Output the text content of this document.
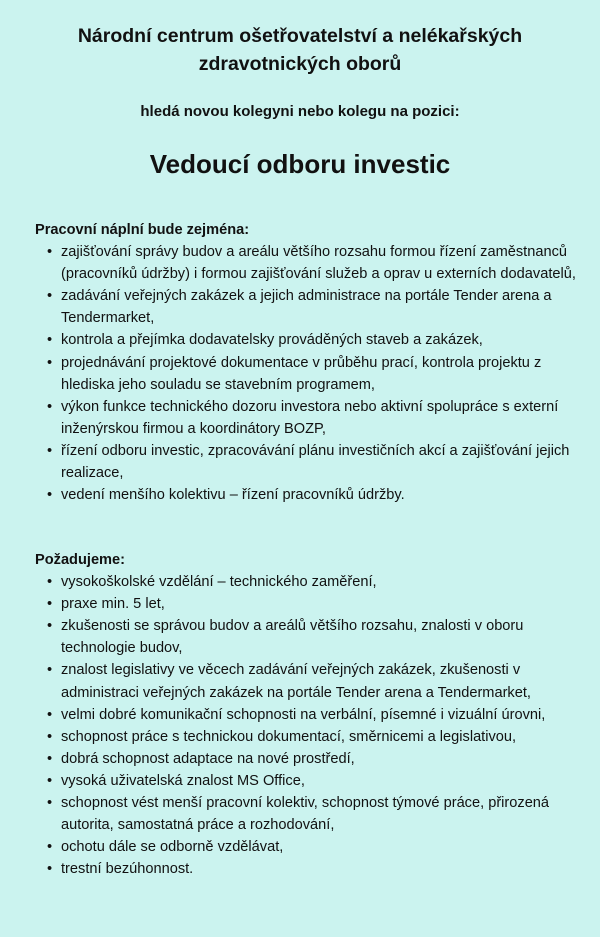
Národní centrum ošetřovatelství a nelékařských zdravotnických oborů

hledá novou kolegyni nebo kolegu na pozici:

Vedoucí odboru investic

Pracovní náplní bude zejména:

• zajišťování správy budov a areálu většího rozsahu formou řízení zaměstnanců (pracovníků údržby) i formou zajišťování služeb a oprav u externích dodavatelů,
• zadávání veřejných zakázek a jejich administrace na portále Tender arena a Tendermarket,
• kontrola a přejímka dodavatelsky prováděných staveb a zakázek,
• projednávání projektové dokumentace v průběhu prací, kontrola projektu z hlediska jeho souladu se stavebním programem,
• výkon funkce technického dozoru investora nebo aktivní spolupráce s externí inženýrskou firmou a koordinátory BOZP,
• řízení odboru investic, zpracovávání plánu investičních akcí a zajišťování jejich realizace,
• vedení menšího kolektivu – řízení pracovníků údržby.

Požadujeme:

• vysokoškolské vzdělání – technického zaměření,
• praxe min. 5 let,
• zkušenosti se správou budov a areálů většího rozsahu, znalosti v oboru technologie budov,
• znalost legislativy ve věcech zadávání veřejných zakázek, zkušenosti v administraci veřejných zakázek na portále Tender arena a Tendermarket,
• velmi dobré komunikační schopnosti na verbální, písemné i vizuální úrovni,
• schopnost práce s technickou dokumentací, směrnicemi a legislativou,
• dobrá schopnost adaptace na nové prostředí,
• vysoká uživatelská znalost MS Office,
• schopnost vést menší pracovní kolektiv, schopnost týmové práce, přirozená autorita, samostatná práce a rozhodování,
• ochotu dále se odborně vzdělávat,
• trestní bezúhonnost.
